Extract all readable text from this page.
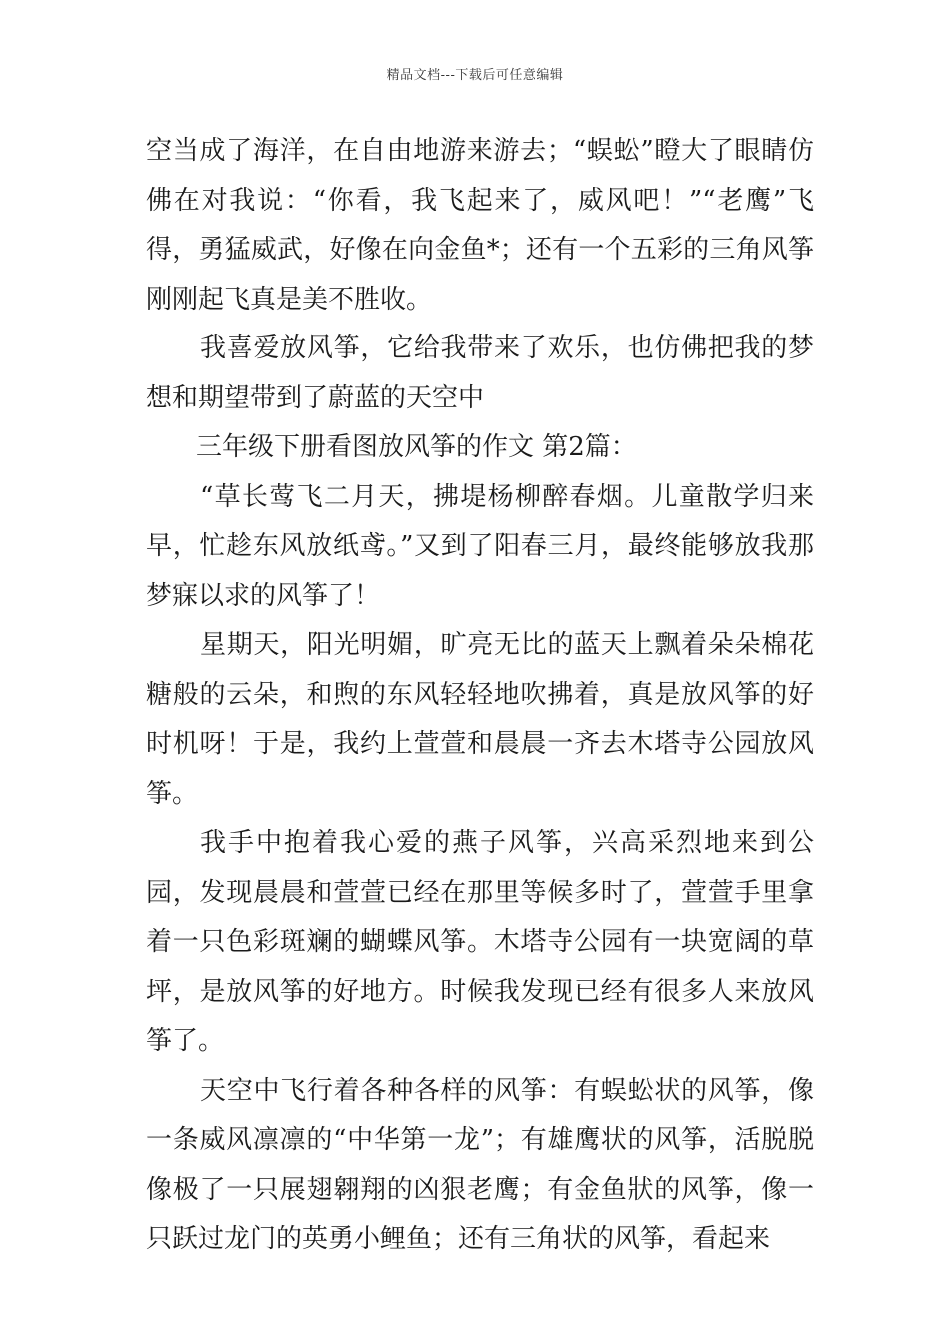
精品文档---下载后可任意编辑

空当成了海洋，在自由地游来游去；“蜈蚣”瞪大了眼睛仿佛在对我说：“你看，我飞起来了，威风吧！”“老鹰”飞得，勇猛威武，好像在向金鱼*；还有一个五彩的三角风筝刚刚起飞真是美不胜收。

我喜爱放风筝，它给我带来了欢乐，也仿佛把我的梦想和期望带到了蔚蓝的天空中

三年级下册看图放风筝的作文 第2篇：

“草长莺飞二月天，拂堤杨柳醉春烟。儿童散学归来早，忙趁东风放纸鸢。”又到了阳春三月，最终能够放我那梦寐以求的风筝了！

星期天，阳光明媚，旷亮无比的蓝天上飘着朵朵棉花糖般的云朵，和煦的东风轻轻地吹拂着，真是放风筝的好时机呀！于是，我约上萱萱和晨晨一齐去木塔寺公园放风筝。

我手中抱着我心爱的燕子风筝，兴高采烈地来到公园，发现晨晨和萱萱已经在那里等候多时了，萱萱手里拿着一只色彩斑斓的蝴蝶风筝。木塔寺公园有一块宽阔的草坪，是放风筝的好地方。时候我发现已经有很多人来放风筝了。

天空中飞行着各种各样的风筝：有蜈蚣状的风筝，像一条威风凛凛的“中华第一龙”；有雄鹰状的风筝，活脱脱像极了一只展翅翱翔的凶狠老鹰；有金鱼狀的风筝，像一只跃过龙门的英勇小鲤鱼；还有三角状的风筝，看起来
